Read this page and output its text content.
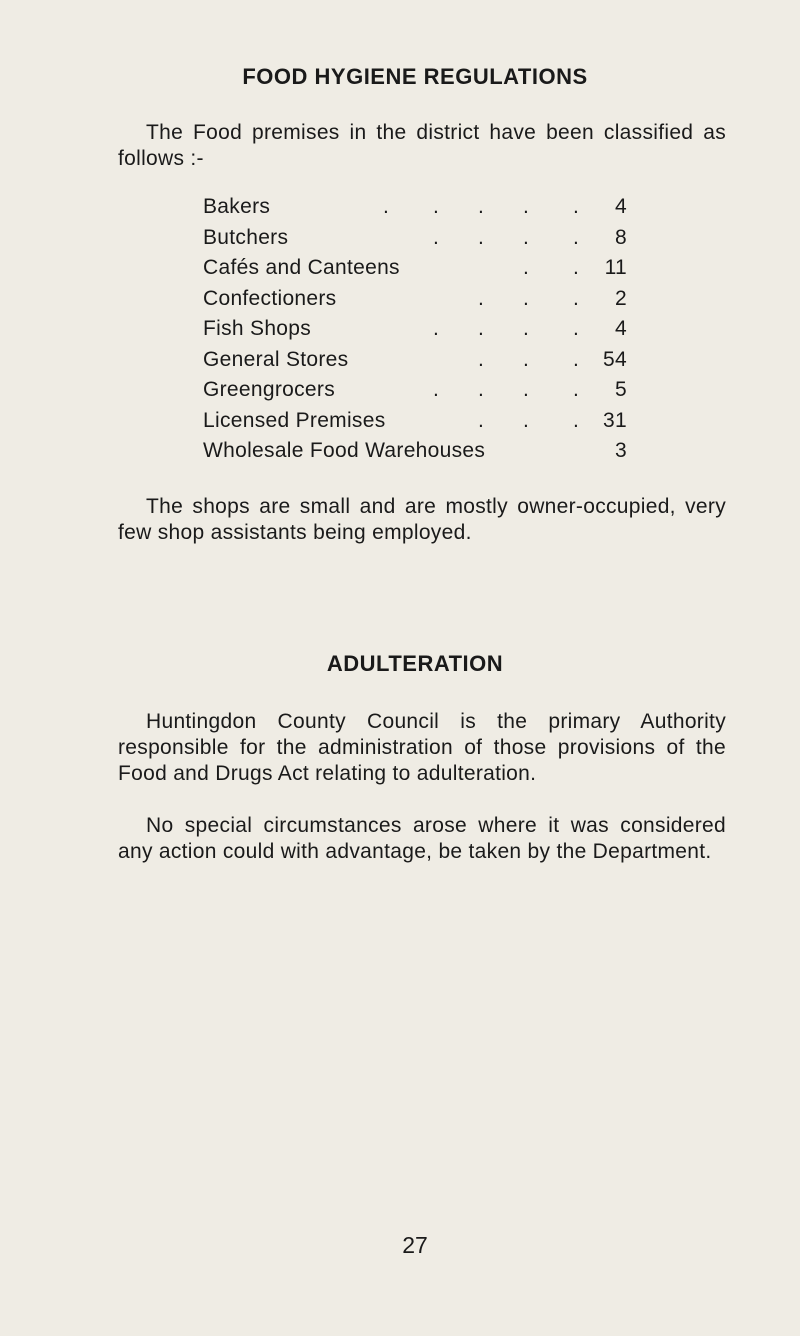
FOOD HYGIENE REGULATIONS
The Food premises in the district have been classified as follows :-
Bakers	. . . . . 4
Butchers	. . . . 8
Cafés and Canteens	. . 11
Confectioners	. . . 2
Fish Shops	. . . . 4
General Stores	. . . 54
Greengrocers	. . . . 5
Licensed Premises	. . . 31
Wholesale Food Warehouses	3
The shops are small and are mostly owner-occupied, very few shop assistants being employed.
ADULTERATION
Huntingdon County Council is the primary Authority responsible for the administration of those provisions of the Food and Drugs Act relating to adulteration.
No special circumstances arose where it was considered any action could with advantage, be taken by the Department.
27
